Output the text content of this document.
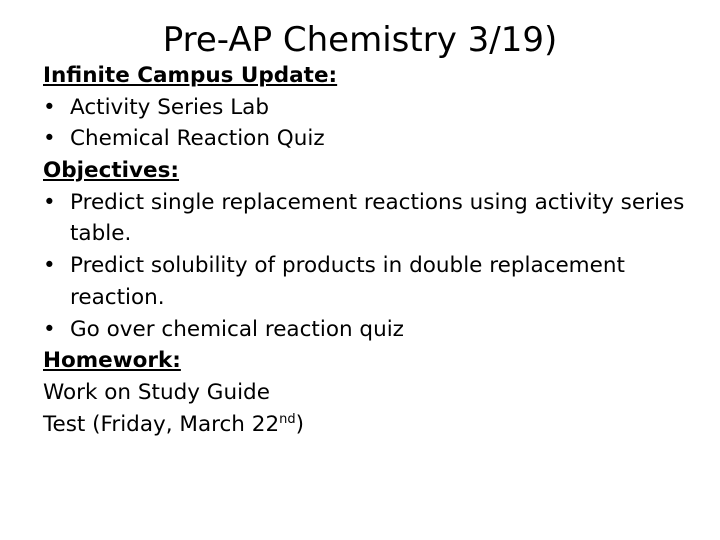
Pre-AP Chemistry 3/19)
Infinite Campus Update:
• Activity Series Lab
• Chemical Reaction Quiz
Objectives:
• Predict single replacement reactions using activity series table.
• Predict solubility of products in double replacement reaction.
• Go over chemical reaction quiz
Homework:
Work on Study Guide
Test (Friday, March 22nd)
